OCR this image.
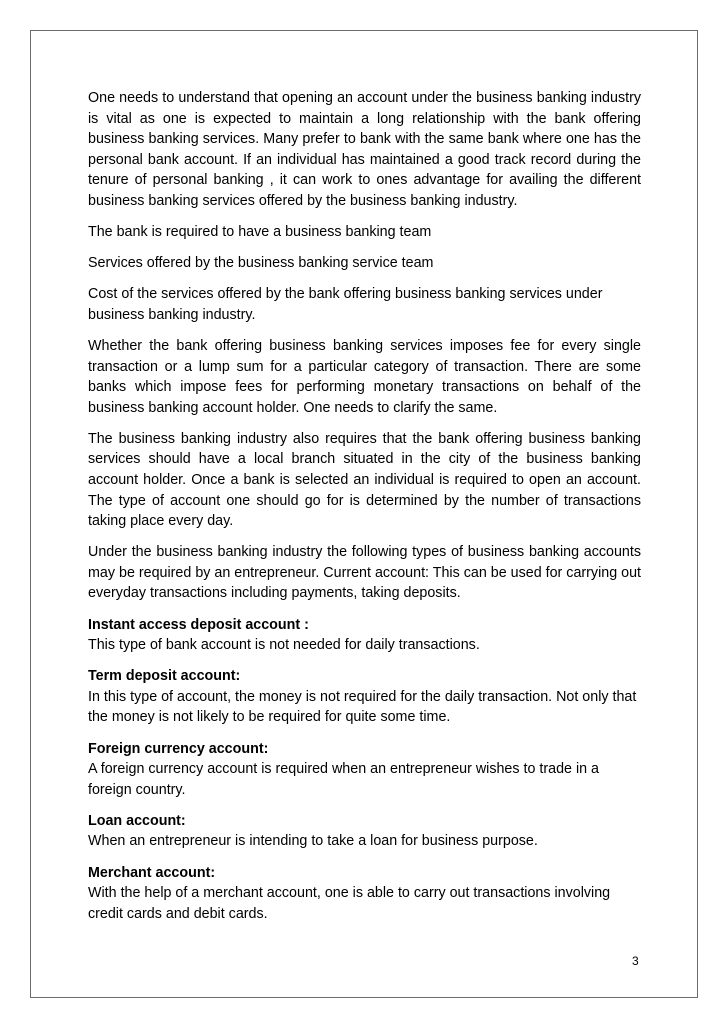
One needs to understand that opening an account under the business banking industry is vital as one is expected to maintain a long relationship with the bank offering business banking services. Many prefer to bank with the same bank where one has the personal bank account. If an individual has maintained a good track record during the tenure of personal banking , it can work to ones advantage for availing the different business banking services offered by the business banking industry.

The bank is required to have a business banking team

Services offered by the business banking service team

Cost of the services offered by the bank offering business banking services under business banking industry.

Whether the bank offering business banking services imposes fee for every single transaction or a lump sum for a particular category of transaction. There are some banks which impose fees for performing monetary transactions on behalf of the business banking account holder. One needs to clarify the same.

The business banking industry also requires that the bank offering business banking services should have a local branch situated in the city of the business banking account holder. Once a bank is selected an individual is required to open an account. The type of account one should go for is determined by the number of transactions taking place every day.

Under the business banking industry the following types of business banking accounts may be required by an entrepreneur. Current account: This can be used for carrying out everyday transactions including payments, taking deposits.

Instant access deposit account :
This type of bank account is not needed for daily transactions.
Term deposit account:
In this type of account, the money is not required for the daily transaction. Not only that the money is not likely to be required for quite some time.
Foreign currency account:
A foreign currency account is required when an entrepreneur wishes to trade in a foreign country.
Loan account:
When an entrepreneur is intending to take a loan for business purpose.
Merchant account:
With the help of a merchant account, one is able to carry out transactions involving credit cards and debit cards.
3
